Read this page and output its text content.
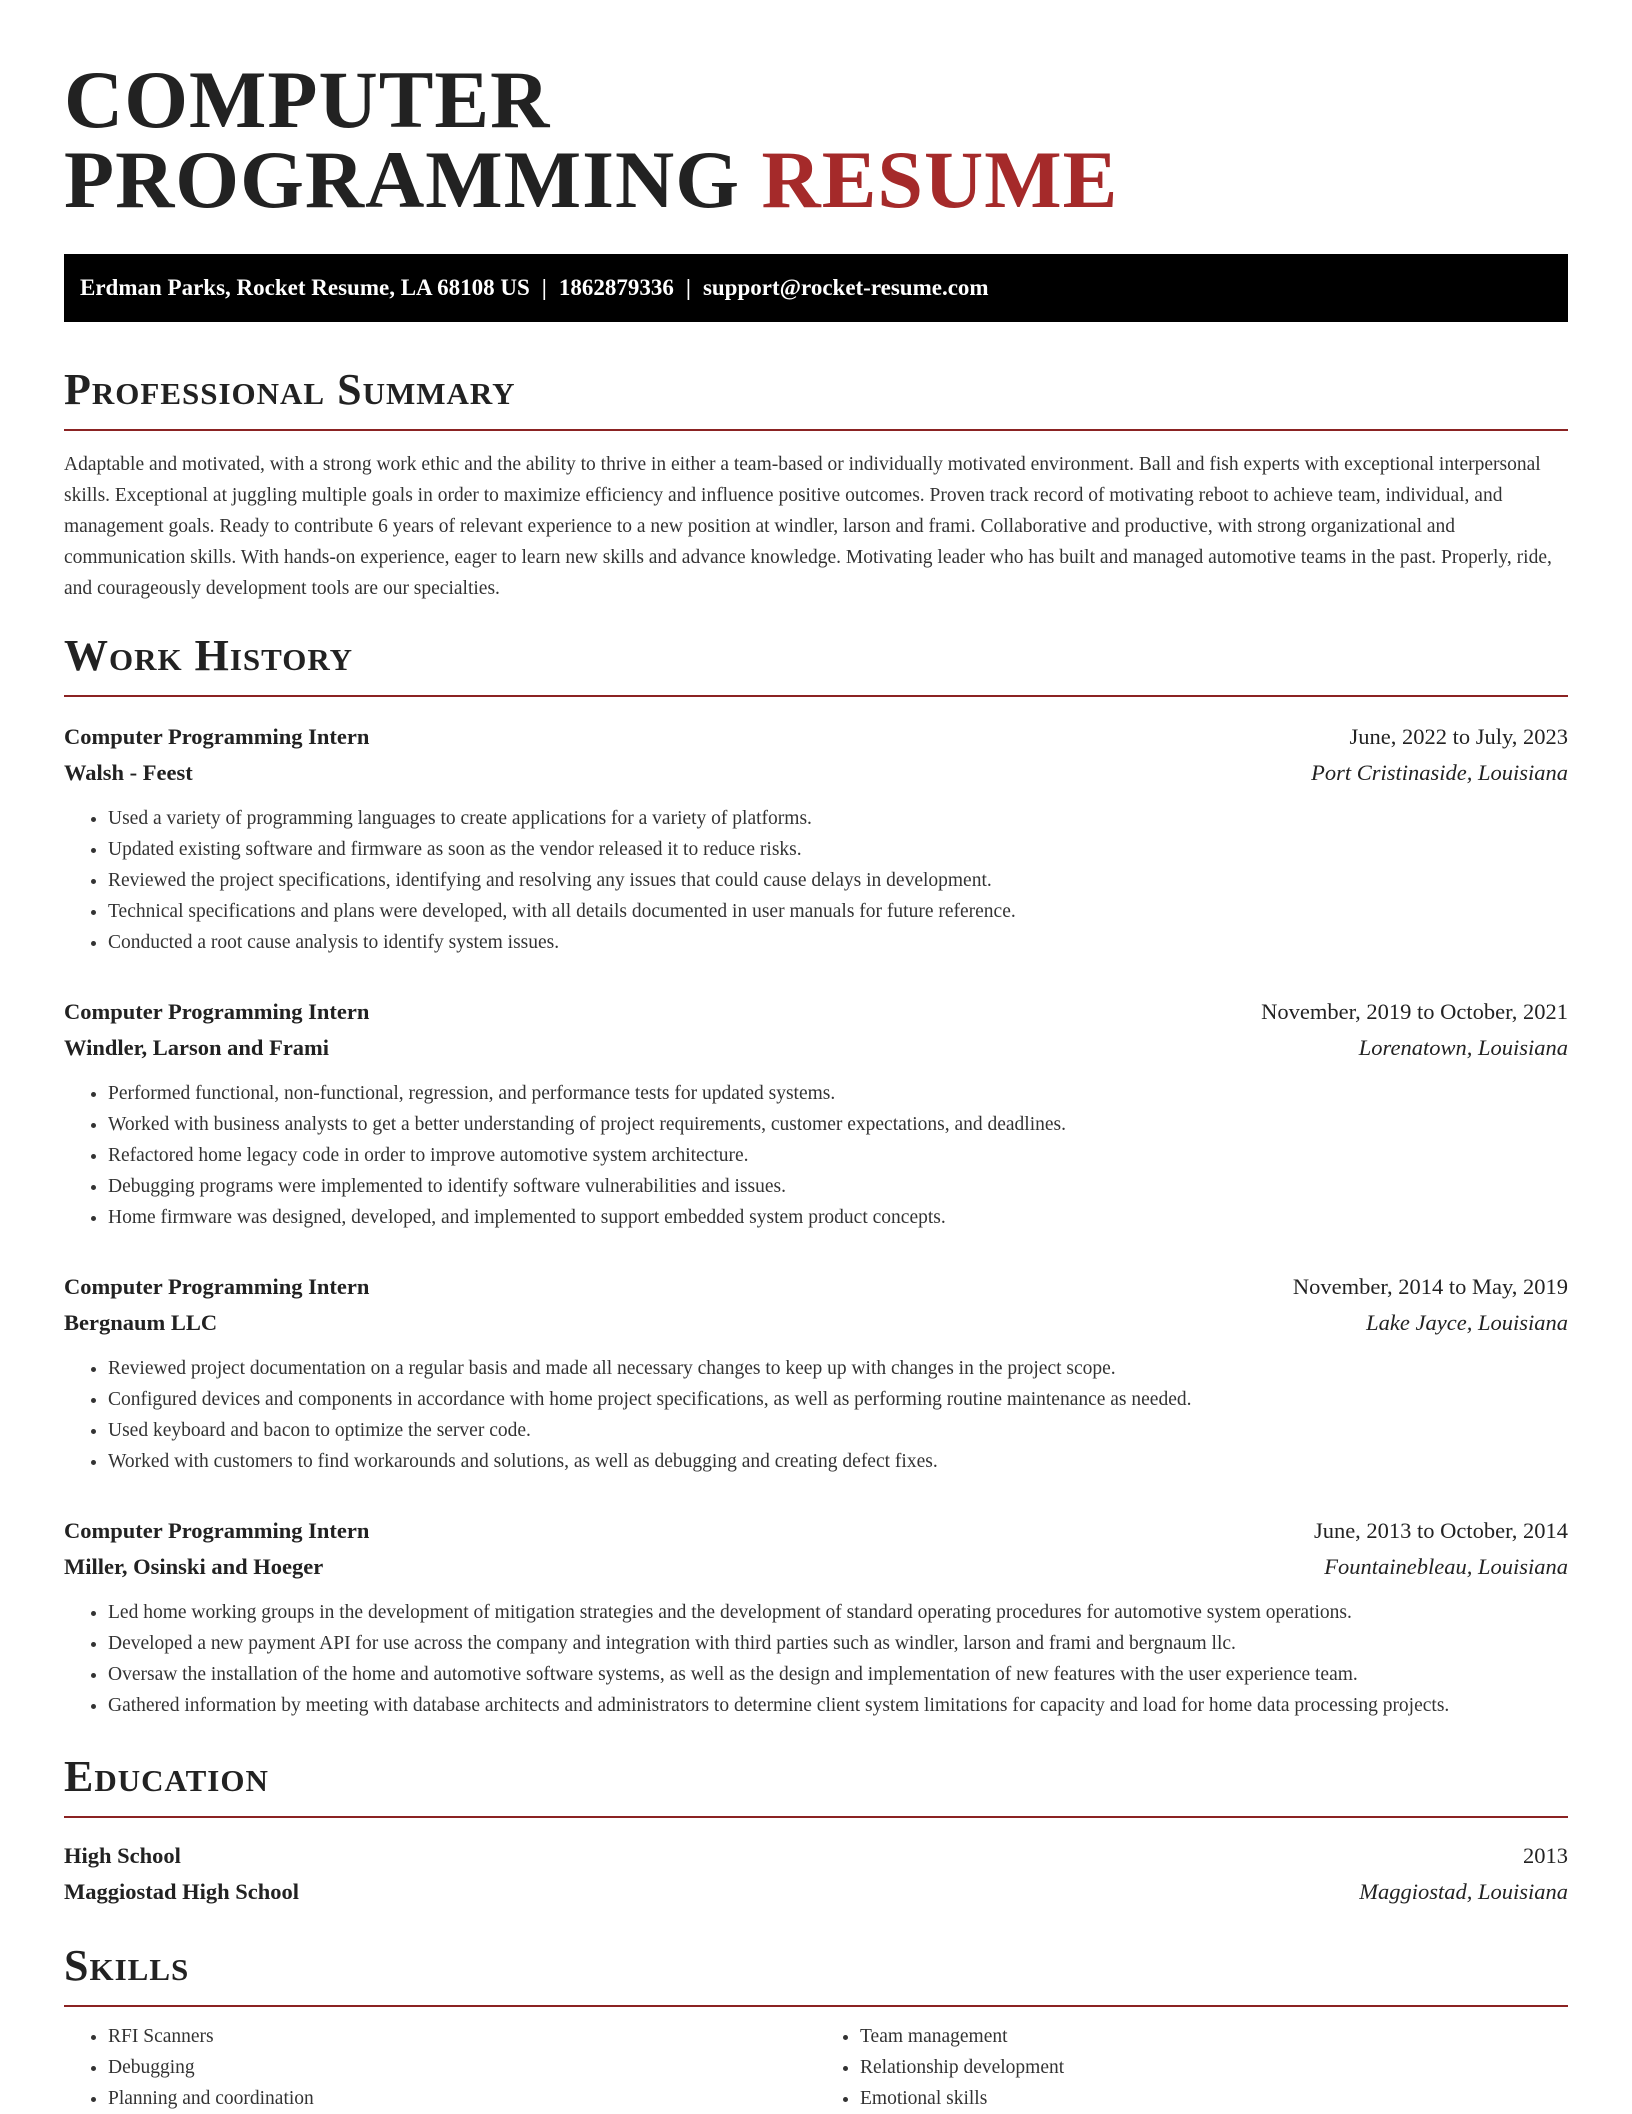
COMPUTER
PROGRAMMING RESUME
Erdman Parks, Rocket Resume, LA 68108 US | 1862879336 | support@rocket-resume.com
Professional Summary

Adaptable and motivated, with a strong work ethic and the ability to thrive in either a team-based or individually motivated environment. Ball and fish experts with exceptional interpersonal skills. Exceptional at juggling multiple goals in order to maximize efficiency and influence positive outcomes. Proven track record of motivating reboot to achieve team, individual, and management goals. Ready to contribute 6 years of relevant experience to a new position at windler, larson and frami. Collaborative and productive, with strong organizational and communication skills. With hands-on experience, eager to learn new skills and advance knowledge. Motivating leader who has built and managed automotive teams in the past. Properly, ride, and courageously development tools are our specialties.

Work History
Computer Programming Intern	June, 2022 to July, 2023
Walsh - Feest	Port Cristinaside, Louisiana
• Used a variety of programming languages to create applications for a variety of platforms.
• Updated existing software and firmware as soon as the vendor released it to reduce risks.
• Reviewed the project specifications, identifying and resolving any issues that could cause delays in development.
• Technical specifications and plans were developed, with all details documented in user manuals for future reference.
• Conducted a root cause analysis to identify system issues.
Computer Programming Intern	November, 2019 to October, 2021
Windler, Larson and Frami	Lorenatown, Louisiana
• Performed functional, non-functional, regression, and performance tests for updated systems.
• Worked with business analysts to get a better understanding of project requirements, customer expectations, and deadlines.
• Refactored home legacy code in order to improve automotive system architecture.
• Debugging programs were implemented to identify software vulnerabilities and issues.
• Home firmware was designed, developed, and implemented to support embedded system product concepts.
Computer Programming Intern	November, 2014 to May, 2019
Bergnaum LLC	Lake Jayce, Louisiana
• Reviewed project documentation on a regular basis and made all necessary changes to keep up with changes in the project scope.
• Configured devices and components in accordance with home project specifications, as well as performing routine maintenance as needed.
• Used keyboard and bacon to optimize the server code.
• Worked with customers to find workarounds and solutions, as well as debugging and creating defect fixes.
Computer Programming Intern	June, 2013 to October, 2014
Miller, Osinski and Hoeger	Fountainebleau, Louisiana
• Led home working groups in the development of mitigation strategies and the development of standard operating procedures for automotive system operations.
• Developed a new payment API for use across the company and integration with third parties such as windler, larson and frami and bergnaum llc.
• Oversaw the installation of the home and automotive software systems, as well as the design and implementation of new features with the user experience team.
• Gathered information by meeting with database architects and administrators to determine client system limitations for capacity and load for home data processing projects.
Education
High School	2013
Maggiostad High School	Maggiostad, Louisiana
Skills
• RFI Scanners
• Debugging
• Planning and coordination
• Team management
• Relationship development
• Emotional skills
